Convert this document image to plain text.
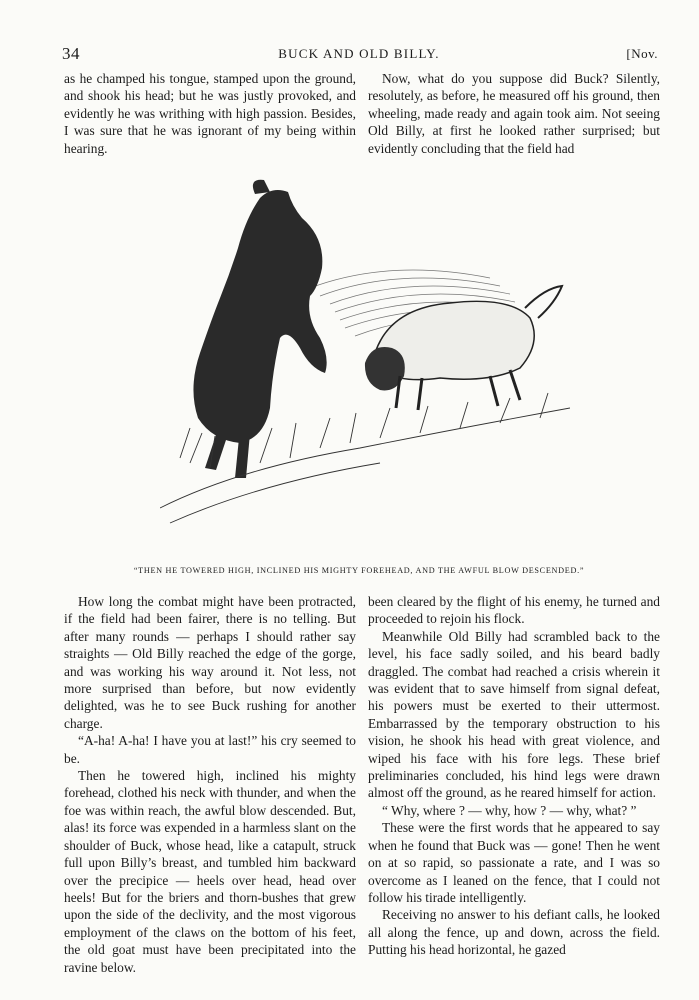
34	BUCK AND OLD BILLY.	[Nov.

as he champed his tongue, stamped upon the ground, and shook his head; but he was justly provoked, and evidently he was writhing with high passion. Besides, I was sure that he was ignorant of my being within hearing.

Now, what do you suppose did Buck? Silently, resolutely, as before, he measured off his ground, then wheeling, made ready and again took aim. Not seeing Old Billy, at first he looked rather surprised; but evidently concluding that the field had

“THEN HE TOWERED HIGH, INCLINED HIS MIGHTY FOREHEAD, AND THE AWFUL BLOW DESCENDED.”

How long the combat might have been protracted, if the field had been fairer, there is no telling. But after many rounds — perhaps I should rather say straights — Old Billy reached the edge of the gorge, and was working his way around it. Not less, not more surprised than before, but now evidently delighted, was he to see Buck rushing for another charge.

“A-ha! A-ha! I have you at last!” his cry seemed to be.

Then he towered high, inclined his mighty forehead, clothed his neck with thunder, and when the foe was within reach, the awful blow descended. But, alas! its force was expended in a harmless slant on the shoulder of Buck, whose head, like a catapult, struck full upon Billy’s breast, and tumbled him backward over the precipice — heels over head, head over heels! But for the briers and thorn-bushes that grew upon the side of the declivity, and the most vigorous employment of the claws on the bottom of his feet, the old goat must have been precipitated into the ravine below.

been cleared by the flight of his enemy, he turned and proceeded to rejoin his flock.

Meanwhile Old Billy had scrambled back to the level, his face sadly soiled, and his beard badly draggled. The combat had reached a crisis wherein it was evident that to save himself from signal defeat, his powers must be exerted to their uttermost. Embarrassed by the temporary obstruction to his vision, he shook his head with great violence, and wiped his face with his fore legs. These brief preliminaries concluded, his hind legs were drawn almost off the ground, as he reared himself for action.

“ Why, where ? — why, how ? — why, what? ”

These were the first words that he appeared to say when he found that Buck was — gone! Then he went on at so rapid, so passionate a rate, and I was so overcome as I leaned on the fence, that I could not follow his tirade intelligently.

Receiving no answer to his defiant calls, he looked all along the fence, up and down, across the field. Putting his head horizontal, he gazed
